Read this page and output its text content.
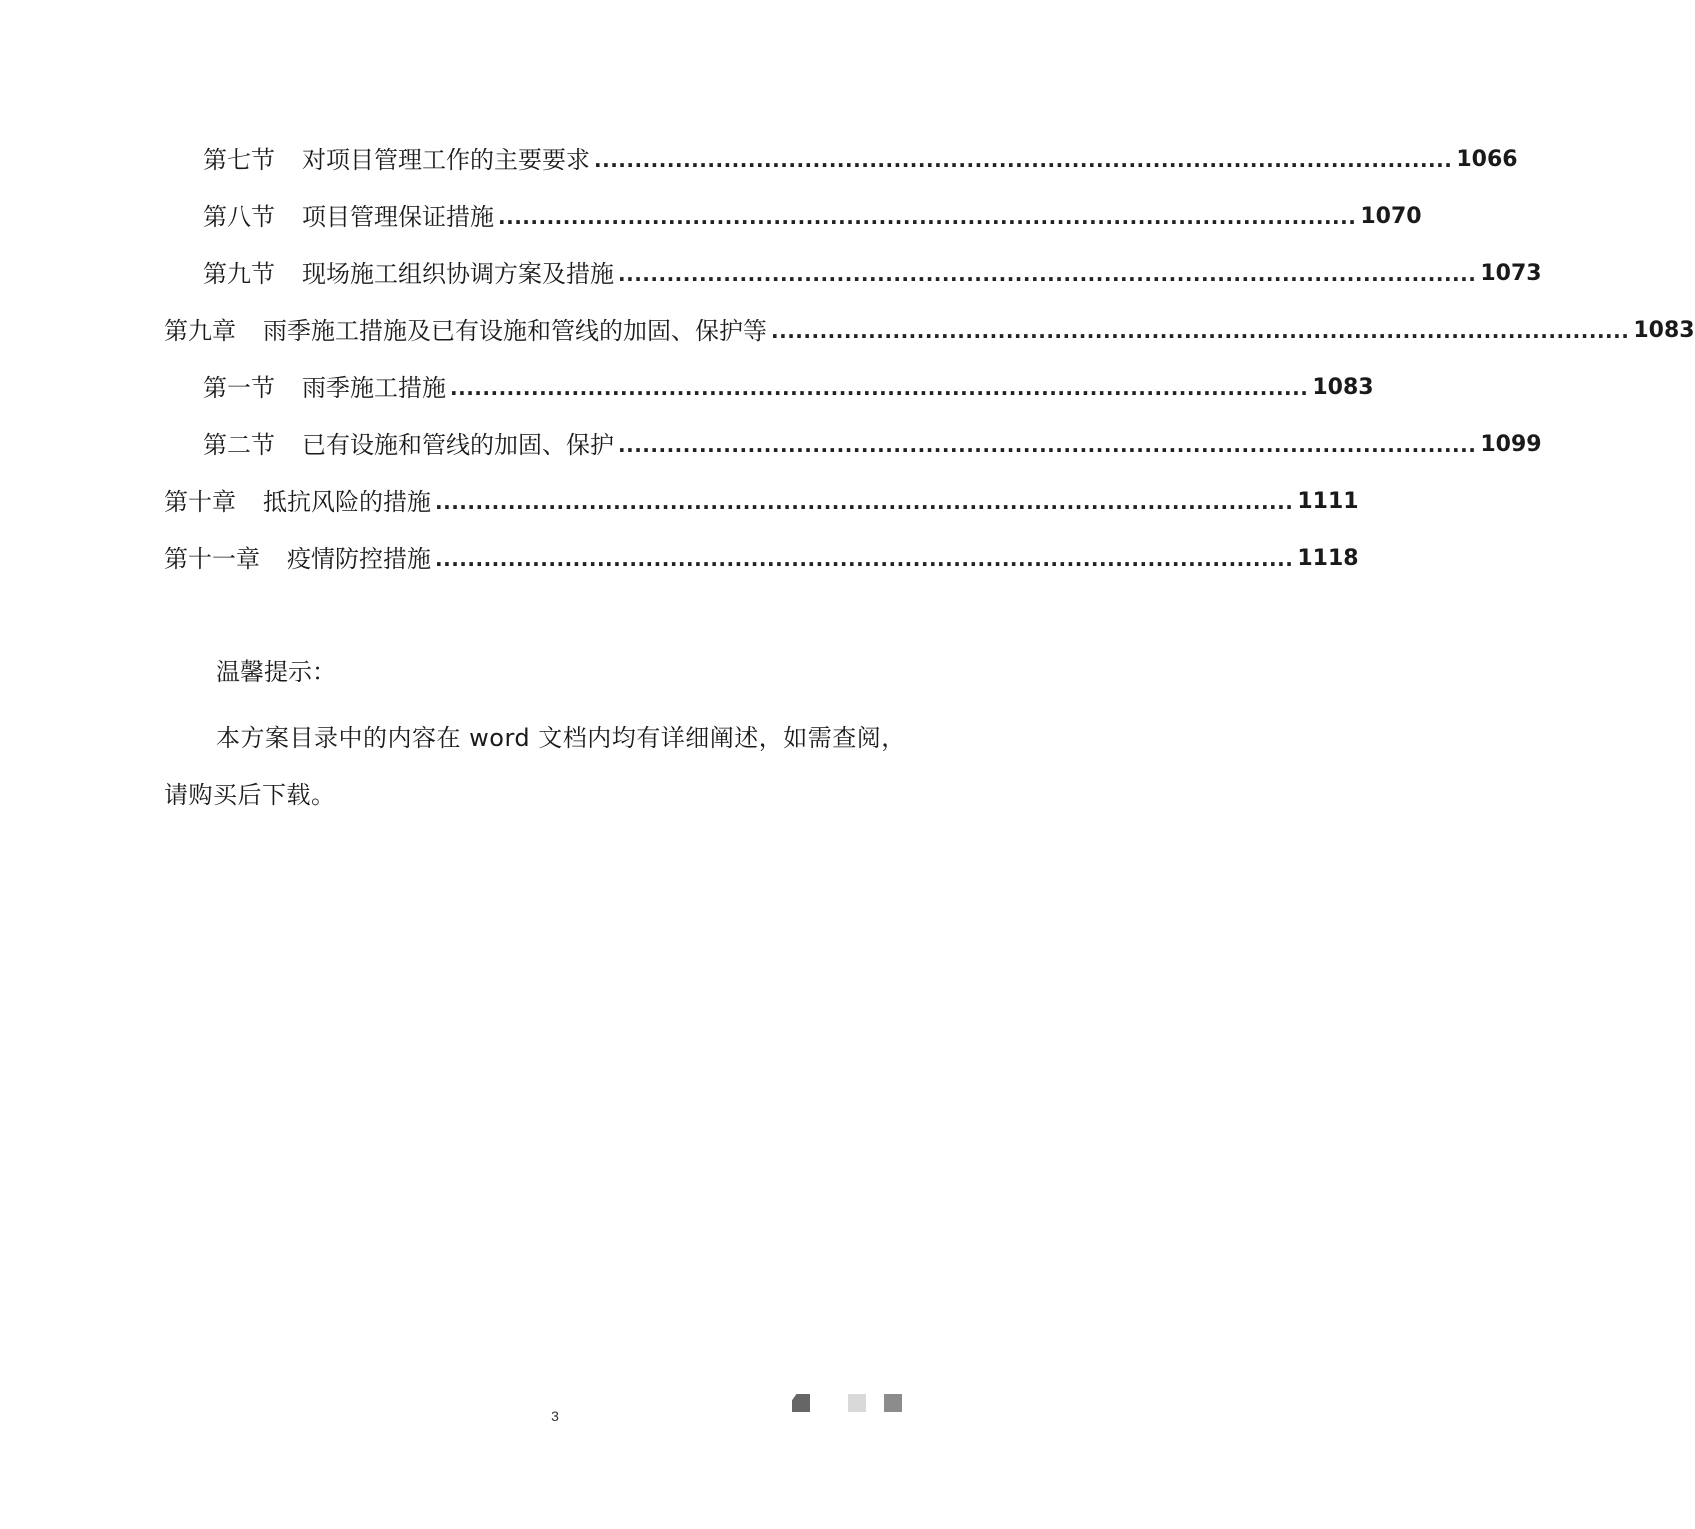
第七节 对项目管理工作的主要要求 .......................................................................................................... 1066
第八节 项目管理保证措施 .......................................................................................................... 1070
第九节 现场施工组织协调方案及措施 .......................................................................................................... 1073
第九章 雨季施工措施及已有设施和管线的加固、保护等 .......................................................................................................... 1083
第一节 雨季施工措施 .......................................................................................................... 1083
第二节 已有设施和管线的加固、保护 .......................................................................................................... 1099
第十章 抵抗风险的措施 .......................................................................................................... 1111
第十一章 疫情防控措施 .......................................................................................................... 1118
温馨提示：
本方案目录中的内容在 word 文档内均有详细阐述，如需查阅，请购买后下载。
3
